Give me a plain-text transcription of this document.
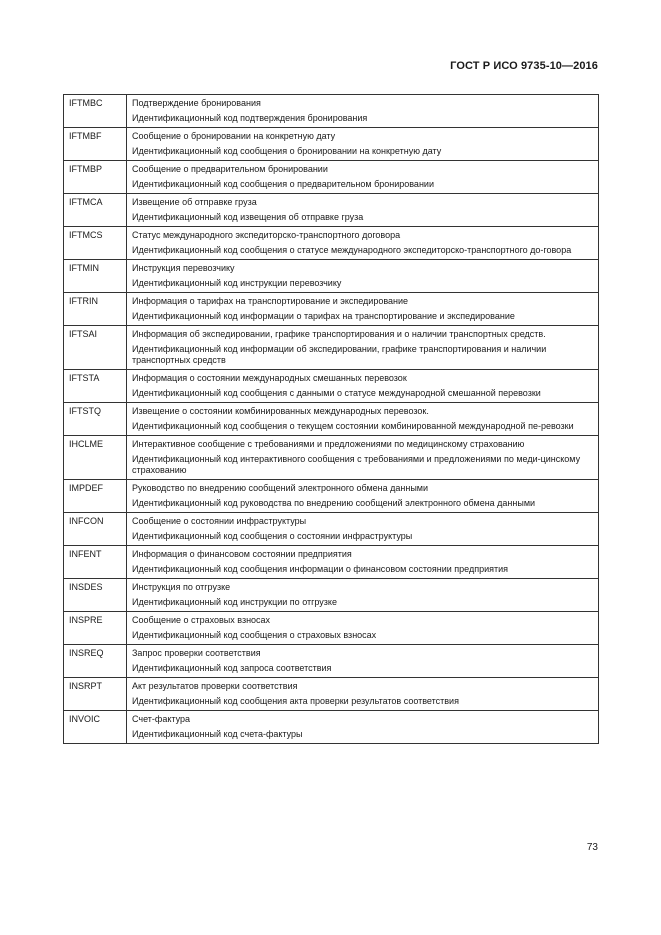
ГОСТ Р ИСО 9735-10—2016
IFTMBC	Подтверждение бронирования
Идентификационный код подтверждения бронирования

IFTMBF	Сообщение о бронировании на конкретную дату
Идентификационный код сообщения о бронировании на конкретную дату

IFTMBP	Сообщение о предварительном бронировании
Идентификационный код сообщения о предварительном бронировании

IFTMCA	Извещение об отправке груза
Идентификационный код извещения об отправке груза

IFTMCS	Статус международного экспедиторско-транспортного договора
Идентификационный код сообщения о статусе международного экспедиторско-транспортного до-говора

IFTMIN	Инструкция перевозчику
Идентификационный код инструкции перевозчику

IFTRIN	Информация о тарифах на транспортирование и экспедирование
Идентификационный код информации о тарифах на транспортирование и экспедирование

IFTSAI	Информация об экспедировании, графике транспортирования и о наличии транспортных средств.
Идентификационный код информации об экспедировании, графике транспортирования и наличии транспортных средств

IFTSTA	Информация о состоянии международных смешанных перевозок
Идентификационный код сообщения с данными о статусе международной смешанной перевозки

IFTSTQ	Извещение о состоянии комбинированных международных перевозок.
Идентификационный код сообщения о текущем состоянии комбинированной международной пе-ревозки

IHCLME	Интерактивное сообщение с требованиями и предложениями по медицинскому страхованию
Идентификационный код интерактивного сообщения с требованиями и предложениями по меди-цинскому страхованию

IMPDEF	Руководство по внедрению сообщений электронного обмена данными
Идентификационный код руководства по внедрению сообщений электронного обмена данными

INFCON	Сообщение о состоянии инфраструктуры
Идентификационный код сообщения о состоянии инфраструктуры

INFENT	Информация о финансовом состоянии предприятия
Идентификационный код сообщения информации о финансовом состоянии предприятия

INSDES	Инструкция по отгрузке
Идентификационный код инструкции по отгрузке

INSPRE	Сообщение о страховых взносах
Идентификационный код сообщения о страховых взносах

INSREQ	Запрос проверки соответствия
Идентификационный код запроса соответствия

INSRPT	Акт результатов проверки соответствия
Идентификационный код сообщения акта проверки результатов соответствия

INVOIC	Счет-фактура
Идентификационный код счета-фактуры
73
